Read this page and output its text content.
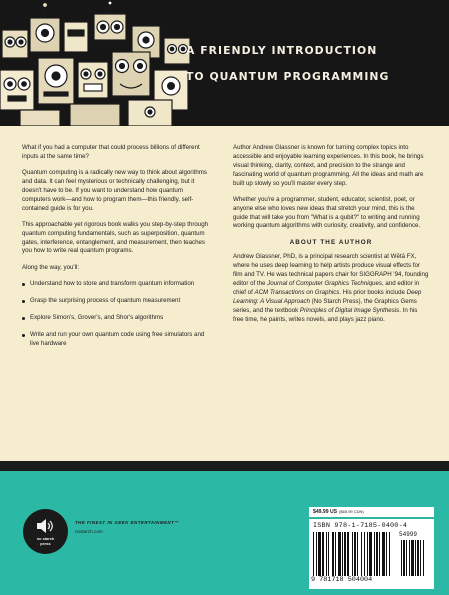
A FRIENDLY INTRODUCTION
TO QUANTUM PROGRAMMING

What if you had a computer that could process billions of different inputs at the same time?

Quantum computing is a radically new way to think about algorithms and data. It can feel mysterious or technically challenging, but it doesn't have to be. If you want to understand how quantum computers work—and how to program them—this friendly, self-contained guide is for you.

This approachable yet rigorous book walks you step-by-step through quantum computing fundamentals, such as superposition, quantum gates, interference, entanglement, and measurement, then teaches you how to write real quantum programs.

Along the way, you'll:

Understand how to store and transform quantum information
Grasp the surprising process of quantum measurement
Explore Simon's, Grover's, and Shor's algorithms
Write and run your own quantum code using free simulators and live hardware

Author Andrew Glassner is known for turning complex topics into accessible and enjoyable learning experiences. In this book, he brings visual thinking, clarity, context, and precision to the strange and fascinating world of quantum programming. All the ideas and math are built up slowly so you'll master every step.

Whether you're a programmer, student, educator, scientist, poet, or anyone else who loves new ideas that stretch your mind, this is the guide that will take you from "What is a qubit?" to writing and running working quantum algorithms with curiosity, creativity, and confidence.

ABOUT THE AUTHOR

Andrew Glassner, PhD, is a principal research scientist at Wētā FX, where he uses deep learning to help artists produce visual effects for film and TV. He was technical papers chair for SIGGRAPH '94, founding editor of the Journal of Computer Graphics Techniques, and editor in chief of ACM Transactions on Graphics. His prior books include Deep Learning: A Visual Approach (No Starch Press), the Graphics Gems series, and the textbook Principles of Digital Image Synthesis. In his free time, he paints, writes novels, and plays jazz piano.

no starch
press
THE FINEST IN GEEK ENTERTAINMENT™
nostarch.com
$49.99 US ($65.99 CDN)
ISBN 978-1-7185-0400-4
54999
9 781718 504004
